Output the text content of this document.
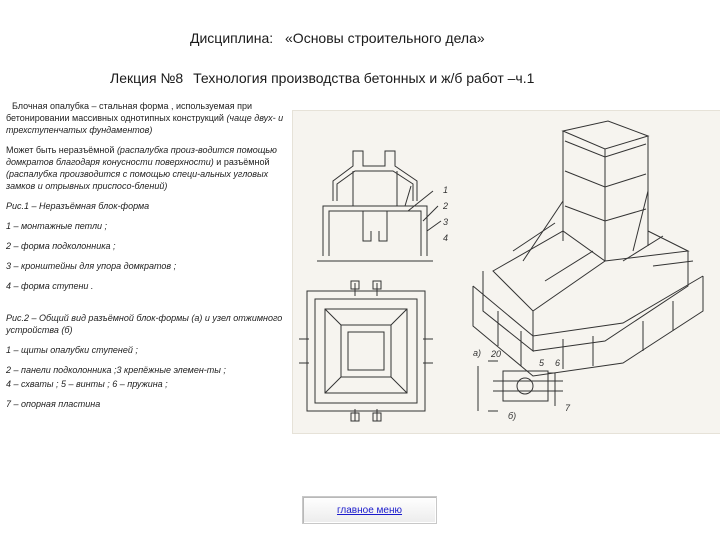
Дисциплина: «Основы строительного дела»
Лекция №8 Технология производства бетонных и ж/б работ –ч.1

Блочная опалубка – стальная форма , используемая при бетонировании массивных однотипных конструкций (чаще двух- и трехступенчатых фундаментов)

Может быть неразъёмной (распалубка произ-водится помощью домкратов благодаря конусности поверхности) и разъёмной (распалубка производится с помощью специ-альных угловых замков и отрывных приспосо-блений)

Рис.1 – Неразъёмная блок-форма

1 – монтажные петли ;

2 – форма подколонника ;

3 – кронштейны для упора домкратов ;

4 – форма ступени .

Рис.2 – Общий вид разъёмной блок-формы (а) и узел отжимного устройства (б)

1 – щиты опалубки ступеней ;

2 – панели подколонника ;3 крепёжные элемен-ты ;

4 – схваты ; 5 – винты ; 6 – пружина ;

7 – опорная пластина

1
2
3
4
a)
б)
20
7
6
5
главное меню
